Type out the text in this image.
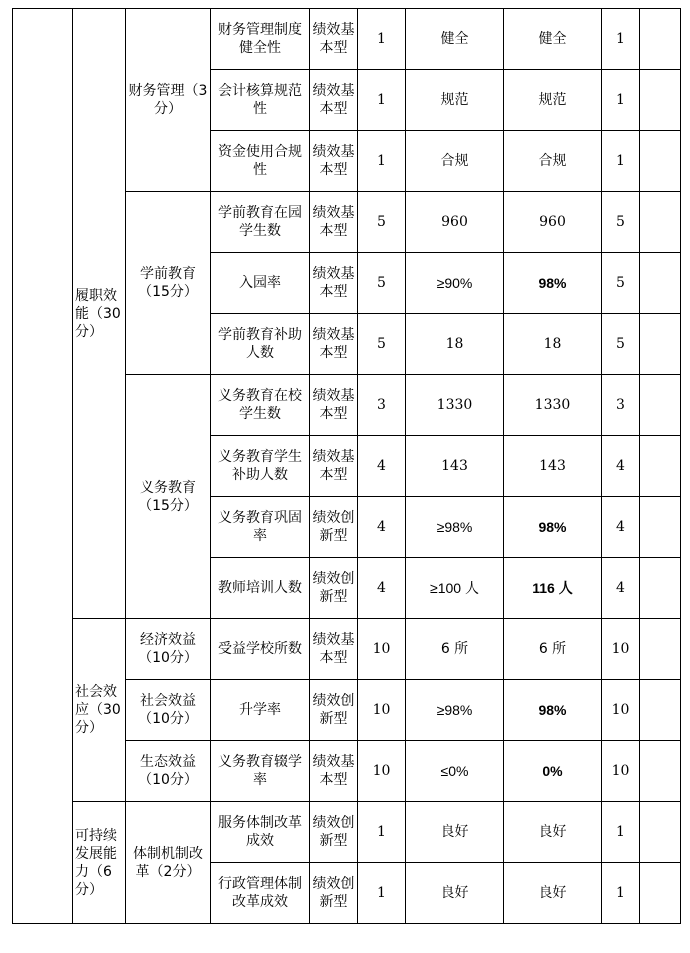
	履职效能（30分）	财务管理（3分）	财务管理制度健全性	绩效基本型	1	健全	健全	1	
			会计核算规范性	绩效基本型	1	规范	规范	1	
			资金使用合规性	绩效基本型	1	合规	合规	1	
		学前教育（15分）	学前教育在园学生数	绩效基本型	5	960	960	5	
			入园率	绩效基本型	5	≥90%	98%	5	
			学前教育补助人数	绩效基本型	5	18	18	5	
		义务教育（15分）	义务教育在校学生数	绩效基本型	3	1330	1330	3	
			义务教育学生补助人数	绩效基本型	4	143	143	4	
			义务教育巩固率	绩效创新型	4	≥98%	98%	4	
			教师培训人数	绩效创新型	4	≥100 人	116 人	4	
	社会效应（30分）	经济效益（10分）	受益学校所数	绩效基本型	10	6 所	6 所	10	
		社会效益（10分）	升学率	绩效创新型	10	≥98%	98%	10	
		生态效益（10分）	义务教育辍学率	绩效基本型	10	≤0%	0%	10	
	可持续发展能力（6分）	体制机制改革（2分）	服务体制改革成效	绩效创新型	1	良好	良好	1	
			行政管理体制改革成效	绩效创新型	1	良好	良好	1	
